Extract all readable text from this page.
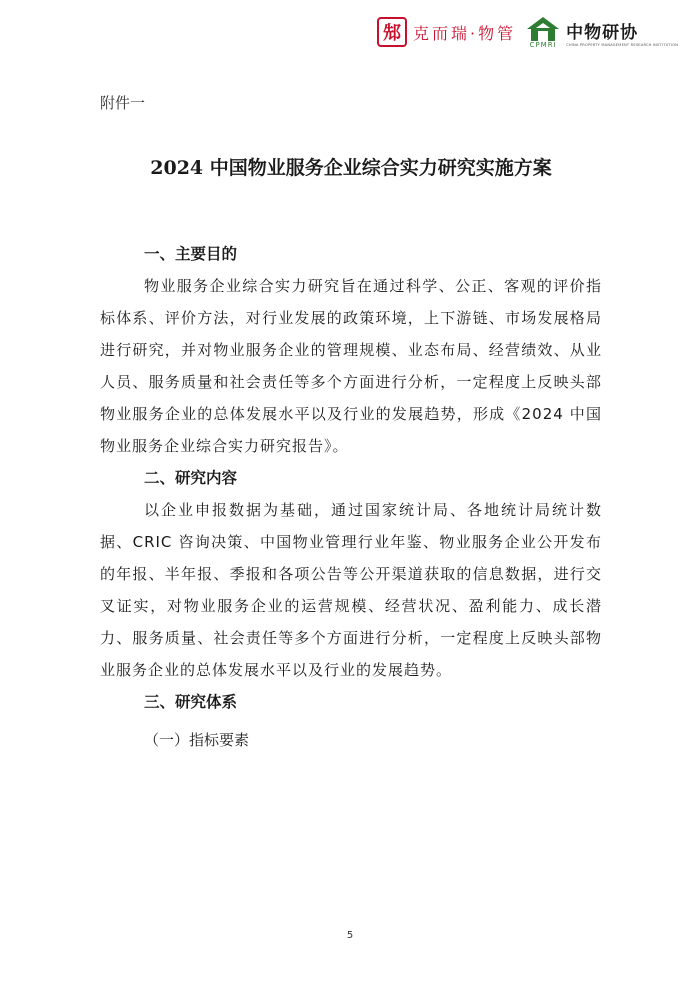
䢾 克而瑞·物管
CPMRI
中物研协
CHINA PROPERTY MANAGEMENT RESEARCH INSTITUTION

附件一

2024 中国物业服务企业综合实力研究实施方案
一、主要目的

物业服务企业综合实力研究旨在通过科学、公正、客观的评价指标体系、评价方法，对行业发展的政策环境，上下游链、市场发展格局进行研究，并对物业服务企业的管理规模、业态布局、经营绩效、从业人员、服务质量和社会责任等多个方面进行分析，一定程度上反映头部物业服务企业的总体发展水平以及行业的发展趋势，形成《2024 中国物业服务企业综合实力研究报告》。

二、研究内容

以企业申报数据为基础，通过国家统计局、各地统计局统计数据、CRIC 咨询决策、中国物业管理行业年鉴、物业服务企业公开发布的年报、半年报、季报和各项公告等公开渠道获取的信息数据，进行交叉证实，对物业服务企业的运营规模、经营状况、盈利能力、成长潜力、服务质量、社会责任等多个方面进行分析，一定程度上反映头部物业服务企业的总体发展水平以及行业的发展趋势。

三、研究体系

（一）指标要素

5
